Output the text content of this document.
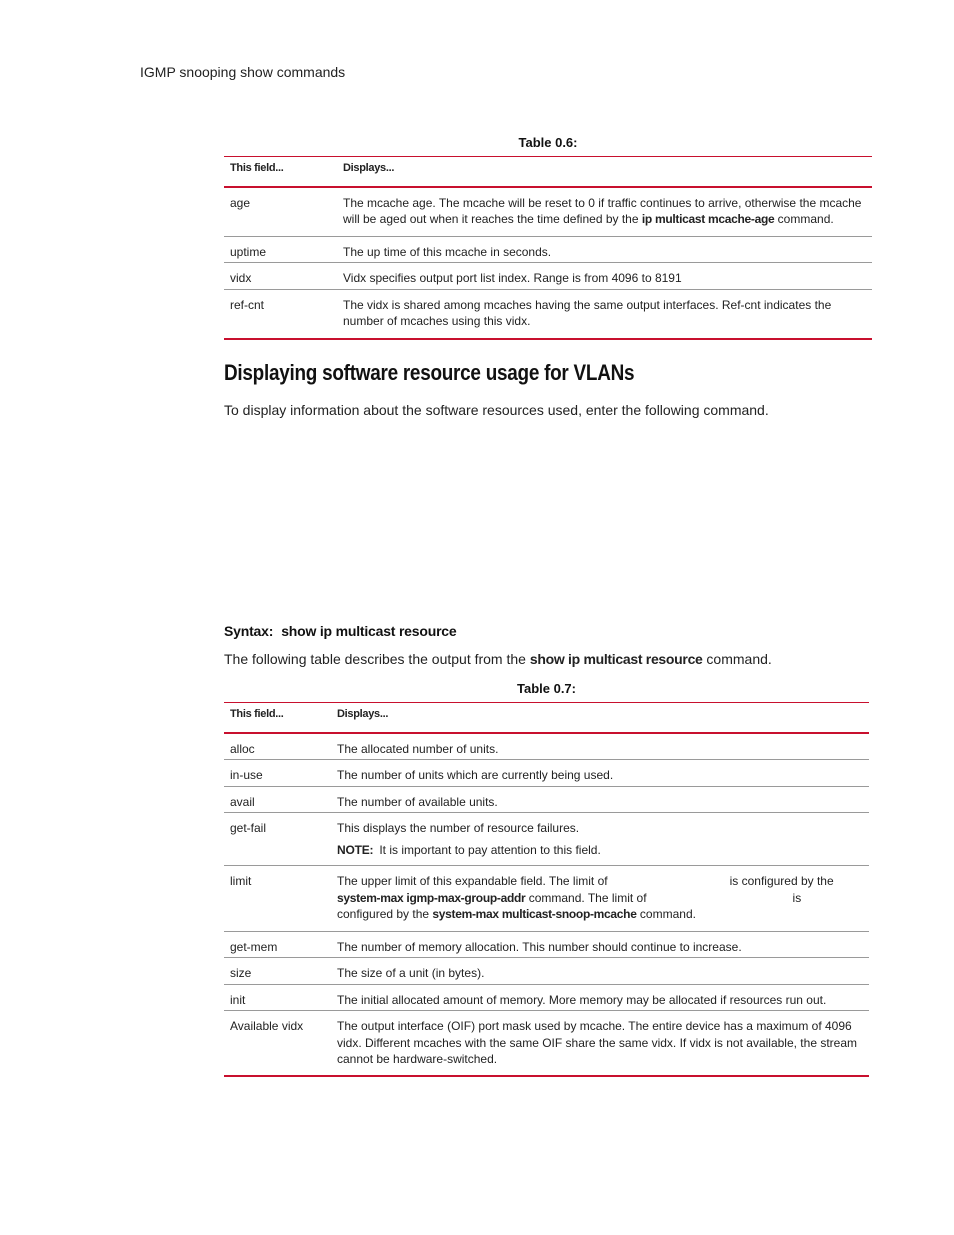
IGMP snooping show commands
Table 0.6:
This field...	Displays...
age	The mcache age. The mcache will be reset to 0 if traffic continues to arrive, otherwise the mcache will be aged out when it reaches the time defined by the ip multicast mcache-age command.
uptime	The up time of this mcache in seconds.
vidx	Vidx specifies output port list index. Range is from 4096 to 8191
ref-cnt	The vidx is shared among mcaches having the same output interfaces. Ref-cnt indicates the number of mcaches using this vidx.
Displaying software resource usage for VLANs
To display information about the software resources used, enter the following command.
Syntax: show ip multicast resource
The following table describes the output from the show ip multicast resource command.
Table 0.7:
This field...	Displays...
alloc	The allocated number of units.
in-use	The number of units which are currently being used.
avail	The number of available units.
get-fail	This displays the number of resource failures.
NOTE: It is important to pay attention to this field.

limit	The upper limit of this expandable field. The limit of is configured by the
system-max igmp-max-group-addr command. The limit of is
configured by the system-max multicast-snoop-mcache command.

get-mem	The number of memory allocation. This number should continue to increase.
size	The size of a unit (in bytes).
init	The initial allocated amount of memory. More memory may be allocated if resources run out.
Available vidx	The output interface (OIF) port mask used by mcache. The entire device has a maximum of 4096 vidx. Different mcaches with the same OIF share the same vidx. If vidx is not available, the stream cannot be hardware-switched.
